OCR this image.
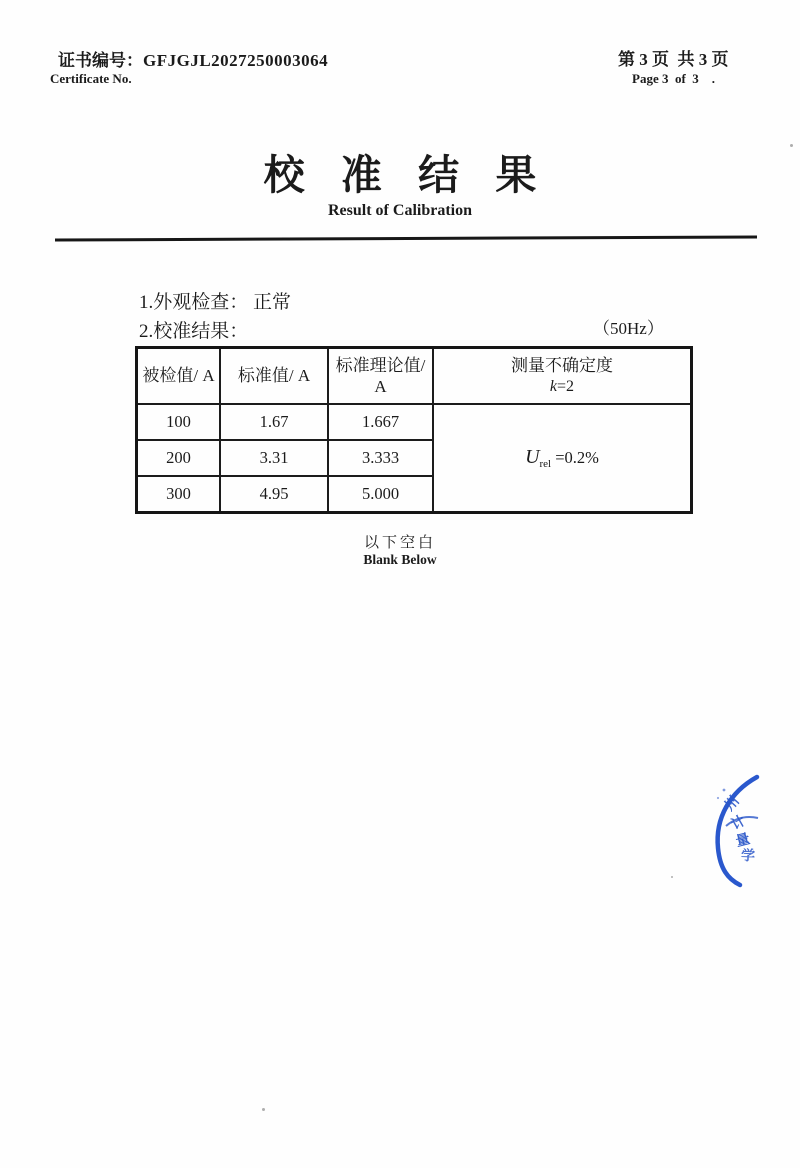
证书编号：GFJGJL2027250003064
Certificate No.
第 3 页  共 3 页
Page 3  of  3    .
校 准 结 果
Result of Calibration
1.外观检查： 正常
2.校准结果：	（50Hz）
被检值/ A	标准值/ A	标准理论值/ A	测量不确定度
k=2

100	1.67	1.667	$U_{rel} =0.2\%$
200	3.31	3.333	
300	4.95	5.000	
以下空白
Blank Below
州
计
量
学
